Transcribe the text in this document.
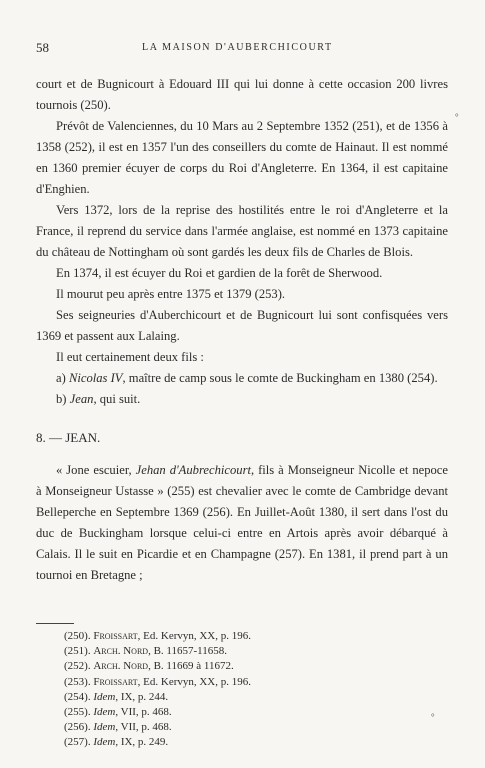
58	LA MAISON D'AUBERCHICOURT

court et de Bugnicourt à Edouard III qui lui donne à cette occasion 200 livres tournois (250).

Prévôt de Valenciennes, du 10 Mars au 2 Septembre 1352 (251), et de 1356 à 1358 (252), il est en 1357 l'un des conseillers du comte de Hainaut. Il est nommé en 1360 premier écuyer de corps du Roi d'Angleterre. En 1364, il est capitaine d'Enghien.

Vers 1372, lors de la reprise des hostilités entre le roi d'Angleterre et la France, il reprend du service dans l'armée anglaise, est nommé en 1373 capitaine du château de Nottingham où sont gardés les deux fils de Charles de Blois.

En 1374, il est écuyer du Roi et gardien de la forêt de Sherwood.

Il mourut peu après entre 1375 et 1379 (253).

Ses seigneuries d'Auberchicourt et de Bugnicourt lui sont confisquées vers 1369 et passent aux Lalaing.

Il eut certainement deux fils :

a) Nicolas IV, maître de camp sous le comte de Buckingham en 1380 (254).

b) Jean, qui suit.

8. — JEAN.

« Jone escuier, Jehan d'Aubrechicourt, fils à Monseigneur Nicolle et nepoce à Monseigneur Ustasse » (255) est chevalier avec le comte de Cambridge devant Belleperche en Septembre 1369 (256). En Juillet-Août 1380, il sert dans l'ost du duc de Buckingham lorsque celui-ci entre en Artois après avoir débarqué à Calais. Il le suit en Picardie et en Champagne (257). En 1381, il prend part à un tournoi en Bretagne ;

(250). Froissart, Ed. Kervyn, XX, p. 196.
(251). Arch. Nord, B. 11657-11658.
(252). Arch. Nord, B. 11669 à 11672.
(253). Froissart, Ed. Kervyn, XX, p. 196.
(254). Idem, IX, p. 244.
(255). Idem, VII, p. 468.
(256). Idem, VII, p. 468.
(257). Idem, IX, p. 249.
°
°
